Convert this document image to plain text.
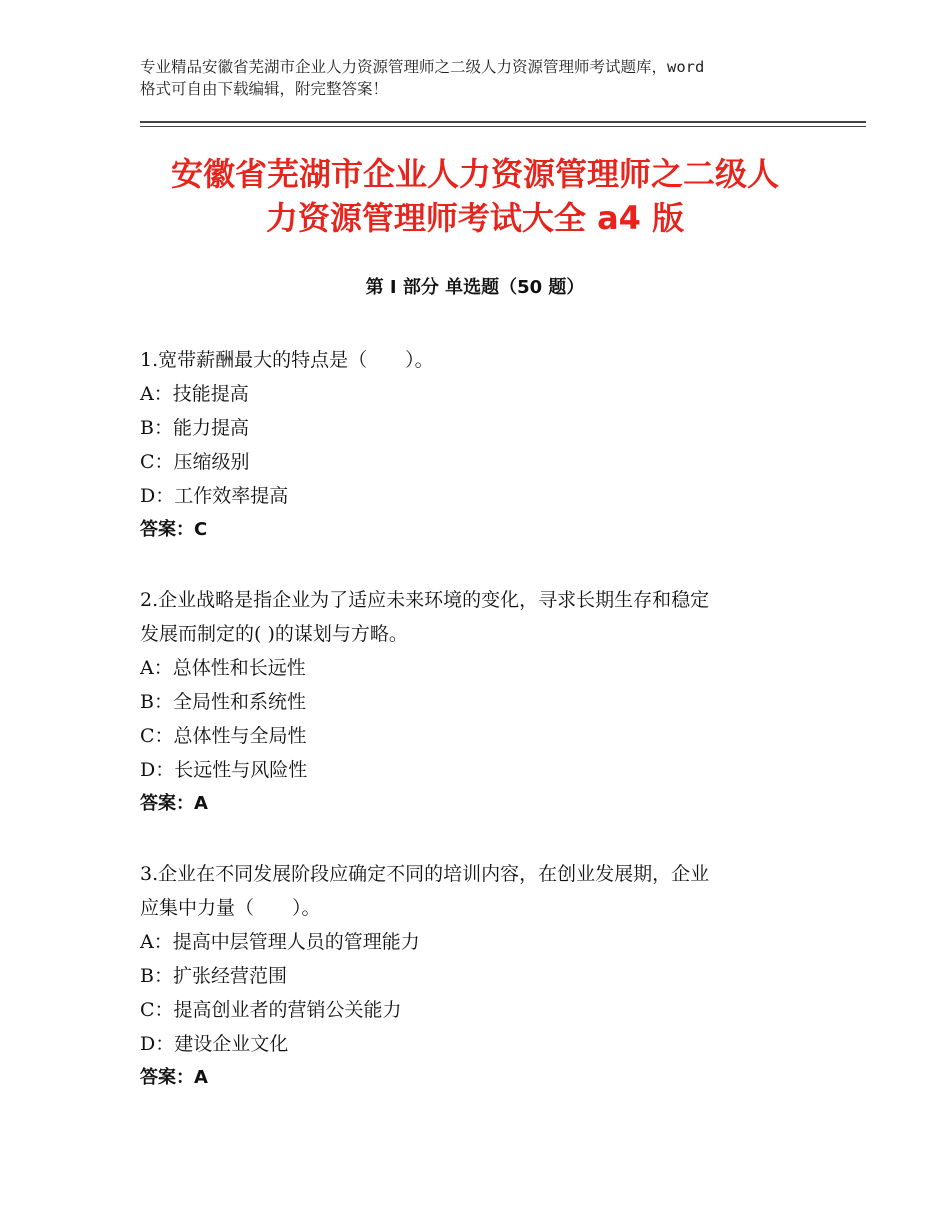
专业精品安徽省芜湖市企业人力资源管理师之二级人力资源管理师考试题库，word
格式可自由下载编辑，附完整答案！
安徽省芜湖市企业人力资源管理师之二级人
力资源管理师考试大全 a4 版
第 I 部分 单选题（50 题）

1.宽带薪酬最大的特点是（　　）。

A：技能提高

B：能力提高

C：压缩级别

D：工作效率提高

答案：C

2.企业战略是指企业为了适应未来环境的变化，寻求长期生存和稳定
发展而制定的( )的谋划与方略。

A：总体性和长远性

B：全局性和系统性

C：总体性与全局性

D：长远性与风险性

答案：A

3.企业在不同发展阶段应确定不同的培训内容，在创业发展期，企业
应集中力量（　　）。

A：提高中层管理人员的管理能力

B：扩张经营范围

C：提高创业者的营销公关能力

D：建设企业文化

答案：A
